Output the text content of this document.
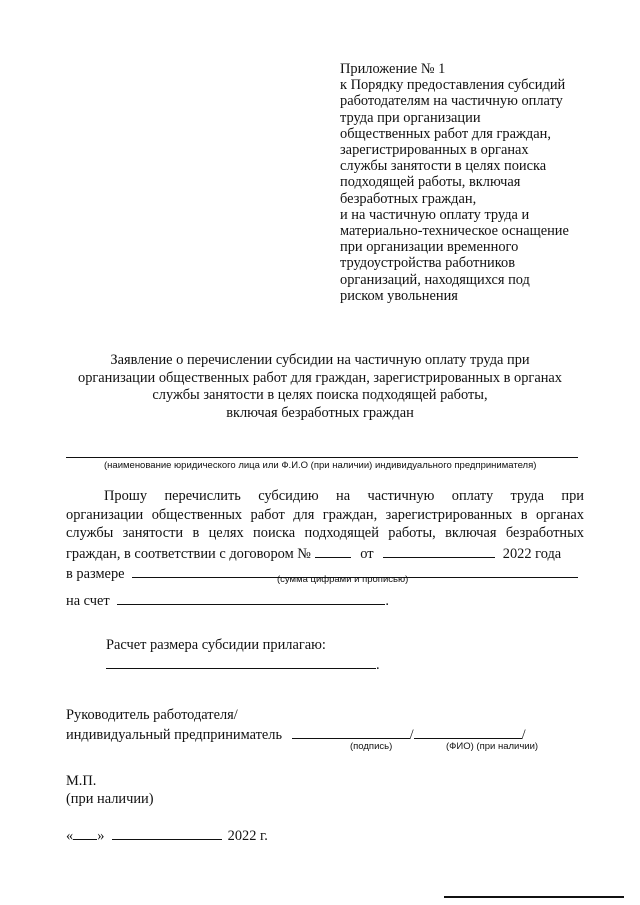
Приложение № 1
к Порядку предоставления субсидий
работодателям на частичную оплату
труда при организации
общественных работ для граждан,
зарегистрированных в органах
службы занятости в целях поиска
подходящей работы, включая
безработных граждан,
и на частичную оплату труда и
материально-техническое оснащение
при организации временного
трудоустройства работников
организаций, находящихся под
риском увольнения
Заявление о перечислении субсидии на частичную оплату труда при
организации общественных работ для граждан, зарегистрированных в органах
службы занятости в целях поиска подходящей работы,
включая безработных граждан
(наименование юридического лица или Ф.И.О (при наличии) индивидуального предпринимателя)
Прошу перечислить субсидию на частичную оплату труда при
организации общественных работ для граждан, зарегистрированных в органах
службы занятости в целях поиска подходящей работы, включая безработных
граждан, в соответствии с договором №	от	2022 года
в размере	(сумма цифрами и прописью)
на счет	.
Расчет размера субсидии прилагаю:
.
Руководитель работодателя/
индивидуальный предприниматель	/	/
(подпись)	(ФИО) (при наличии)
М.П.
(при наличии)
« »	2022 г.
